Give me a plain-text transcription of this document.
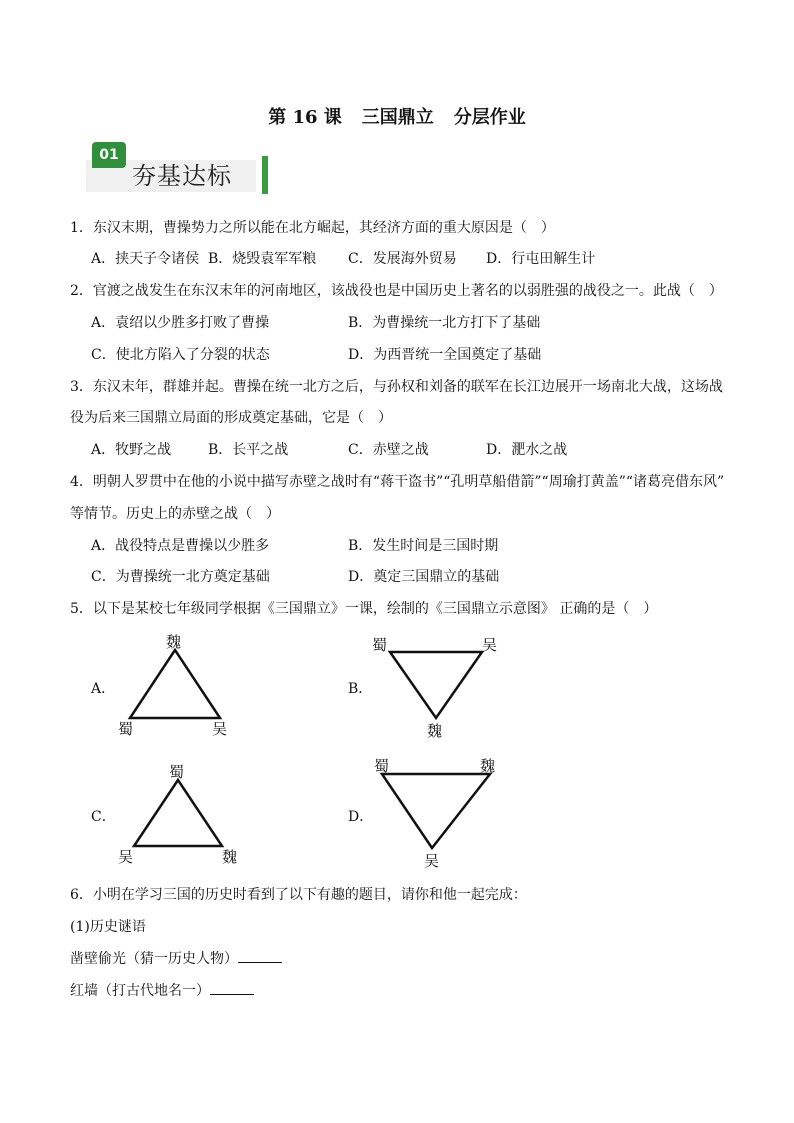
第 16 课 三国鼎立 分层作业
01
夯基达标
1．东汉末期，曹操势力之所以能在北方崛起，其经济方面的重大原因是（　）
A．挟天子令诸侯 B．烧毁袁军军粮 C．发展海外贸易 D．行屯田解生计
2．官渡之战发生在东汉末年的河南地区，该战役也是中国历史上著名的以弱胜强的战役之一。此战（　）
A．袁绍以少胜多打败了曹操	B．为曹操统一北方打下了基础
C．使北方陷入了分裂的状态	D．为西晋统一全国奠定了基础
3．东汉末年，群雄并起。曹操在统一北方之后，与孙权和刘备的联军在长江边展开一场南北大战，这场战
役为后来三国鼎立局面的形成奠定基础，它是（　）
A．牧野之战	B．长平之战	C．赤壁之战	D．淝水之战
4．明朝人罗贯中在他的小说中描写赤壁之战时有“蒋干盗书”“孔明草船借箭”“周瑜打黄盖”“诸葛亮借东风”
等情节。历史上的赤壁之战（　）
A．战役特点是曹操以少胜多	B．发生时间是三国时期
C．为曹操统一北方奠定基础	D．奠定三国鼎立的基础
5．以下是某校七年级同学根据《三国鼎立》一课，绘制的《三国鼎立示意图》 正确的是（　）
A．
魏
蜀	吴
B．
蜀	吴
魏
C．
蜀
吴	魏
D．
蜀	魏
吴
6．小明在学习三国的历史时看到了以下有趣的题目，请你和他一起完成：
(1)历史谜语
凿壁偷光（猜一历史人物）
红墙（打古代地名一）
